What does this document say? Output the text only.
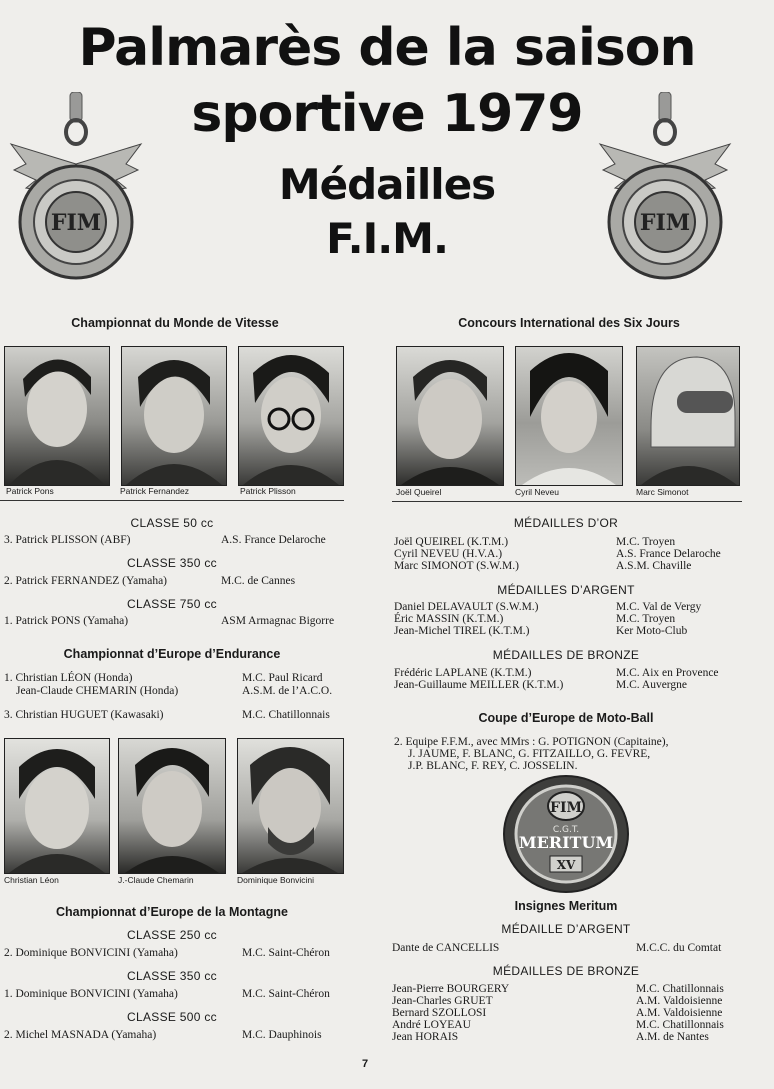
Palmarès de la saison
sportive 1979
Médailles
F.I.M.
FIM	FIM
Championnat du Monde de Vitesse
Patrick Pons	Patrick Fernandez	Patrick Plisson
CLASSE 50 cc
3. Patrick PLISSON (ABF)	A.S. France Delaroche
CLASSE 350 cc
2. Patrick FERNANDEZ (Yamaha)	M.C. de Cannes
CLASSE 750 cc
1. Patrick PONS (Yamaha)	ASM Armagnac Bigorre
Championnat d’Europe d’Endurance
1. Christian LÉON (Honda)	M.C. Paul Ricard
Jean-Claude CHEMARIN (Honda)	A.S.M. de l’A.C.O.
3. Christian HUGUET (Kawasaki)	M.C. Chatillonnais
Christian Léon	J.-Claude Chemarin	Dominique Bonvicini
Championnat d’Europe de la Montagne
CLASSE 250 cc
2. Dominique BONVICINI (Yamaha)	M.C. Saint-Chéron
CLASSE 350 cc
1. Dominique BONVICINI (Yamaha)	M.C. Saint-Chéron
CLASSE 500 cc
2. Michel MASNADA (Yamaha)	M.C. Dauphinois
Concours International des Six Jours
Joël Queirel	Cyril Neveu	Marc Simonot
MÉDAILLES D’OR
Joël QUEIREL (K.T.M.)	M.C. Troyen
Cyril NEVEU (H.V.A.)	A.S. France Delaroche
Marc SIMONOT (S.W.M.)	A.S.M. Chaville
MÉDAILLES D’ARGENT
Daniel DELAVAULT (S.W.M.)	M.C. Val de Vergy
Éric MASSIN (K.T.M.)	M.C. Troyen
Jean-Michel TIREL (K.T.M.)	Ker Moto-Club
MÉDAILLES DE BRONZE
Frédéric LAPLANE (K.T.M.)	M.C. Aix en Provence
Jean-Guillaume MEILLER (K.T.M.)	M.C. Auvergne
Coupe d’Europe de Moto-Ball
2. Equipe F.F.M., avec MMrs : G. POTIGNON (Capitaine),
J. JAUME, F. BLANC, G. FITZAILLO, G. FEVRE,
J.P. BLANC, F. REY, C. JOSSELIN.
FIM
C.G.T.
MERITUM
XV
Insignes Meritum
MÉDAILLE D’ARGENT
Dante de CANCELLIS	M.C.C. du Comtat
MÉDAILLES DE BRONZE
Jean-Pierre BOURGERY	M.C. Chatillonnais
Jean-Charles GRUET	A.M. Valdoisienne
Bernard SZOLLOSI	A.M. Valdoisienne
André LOYEAU	M.C. Chatillonnais
Jean HORAIS	A.M. de Nantes
7
